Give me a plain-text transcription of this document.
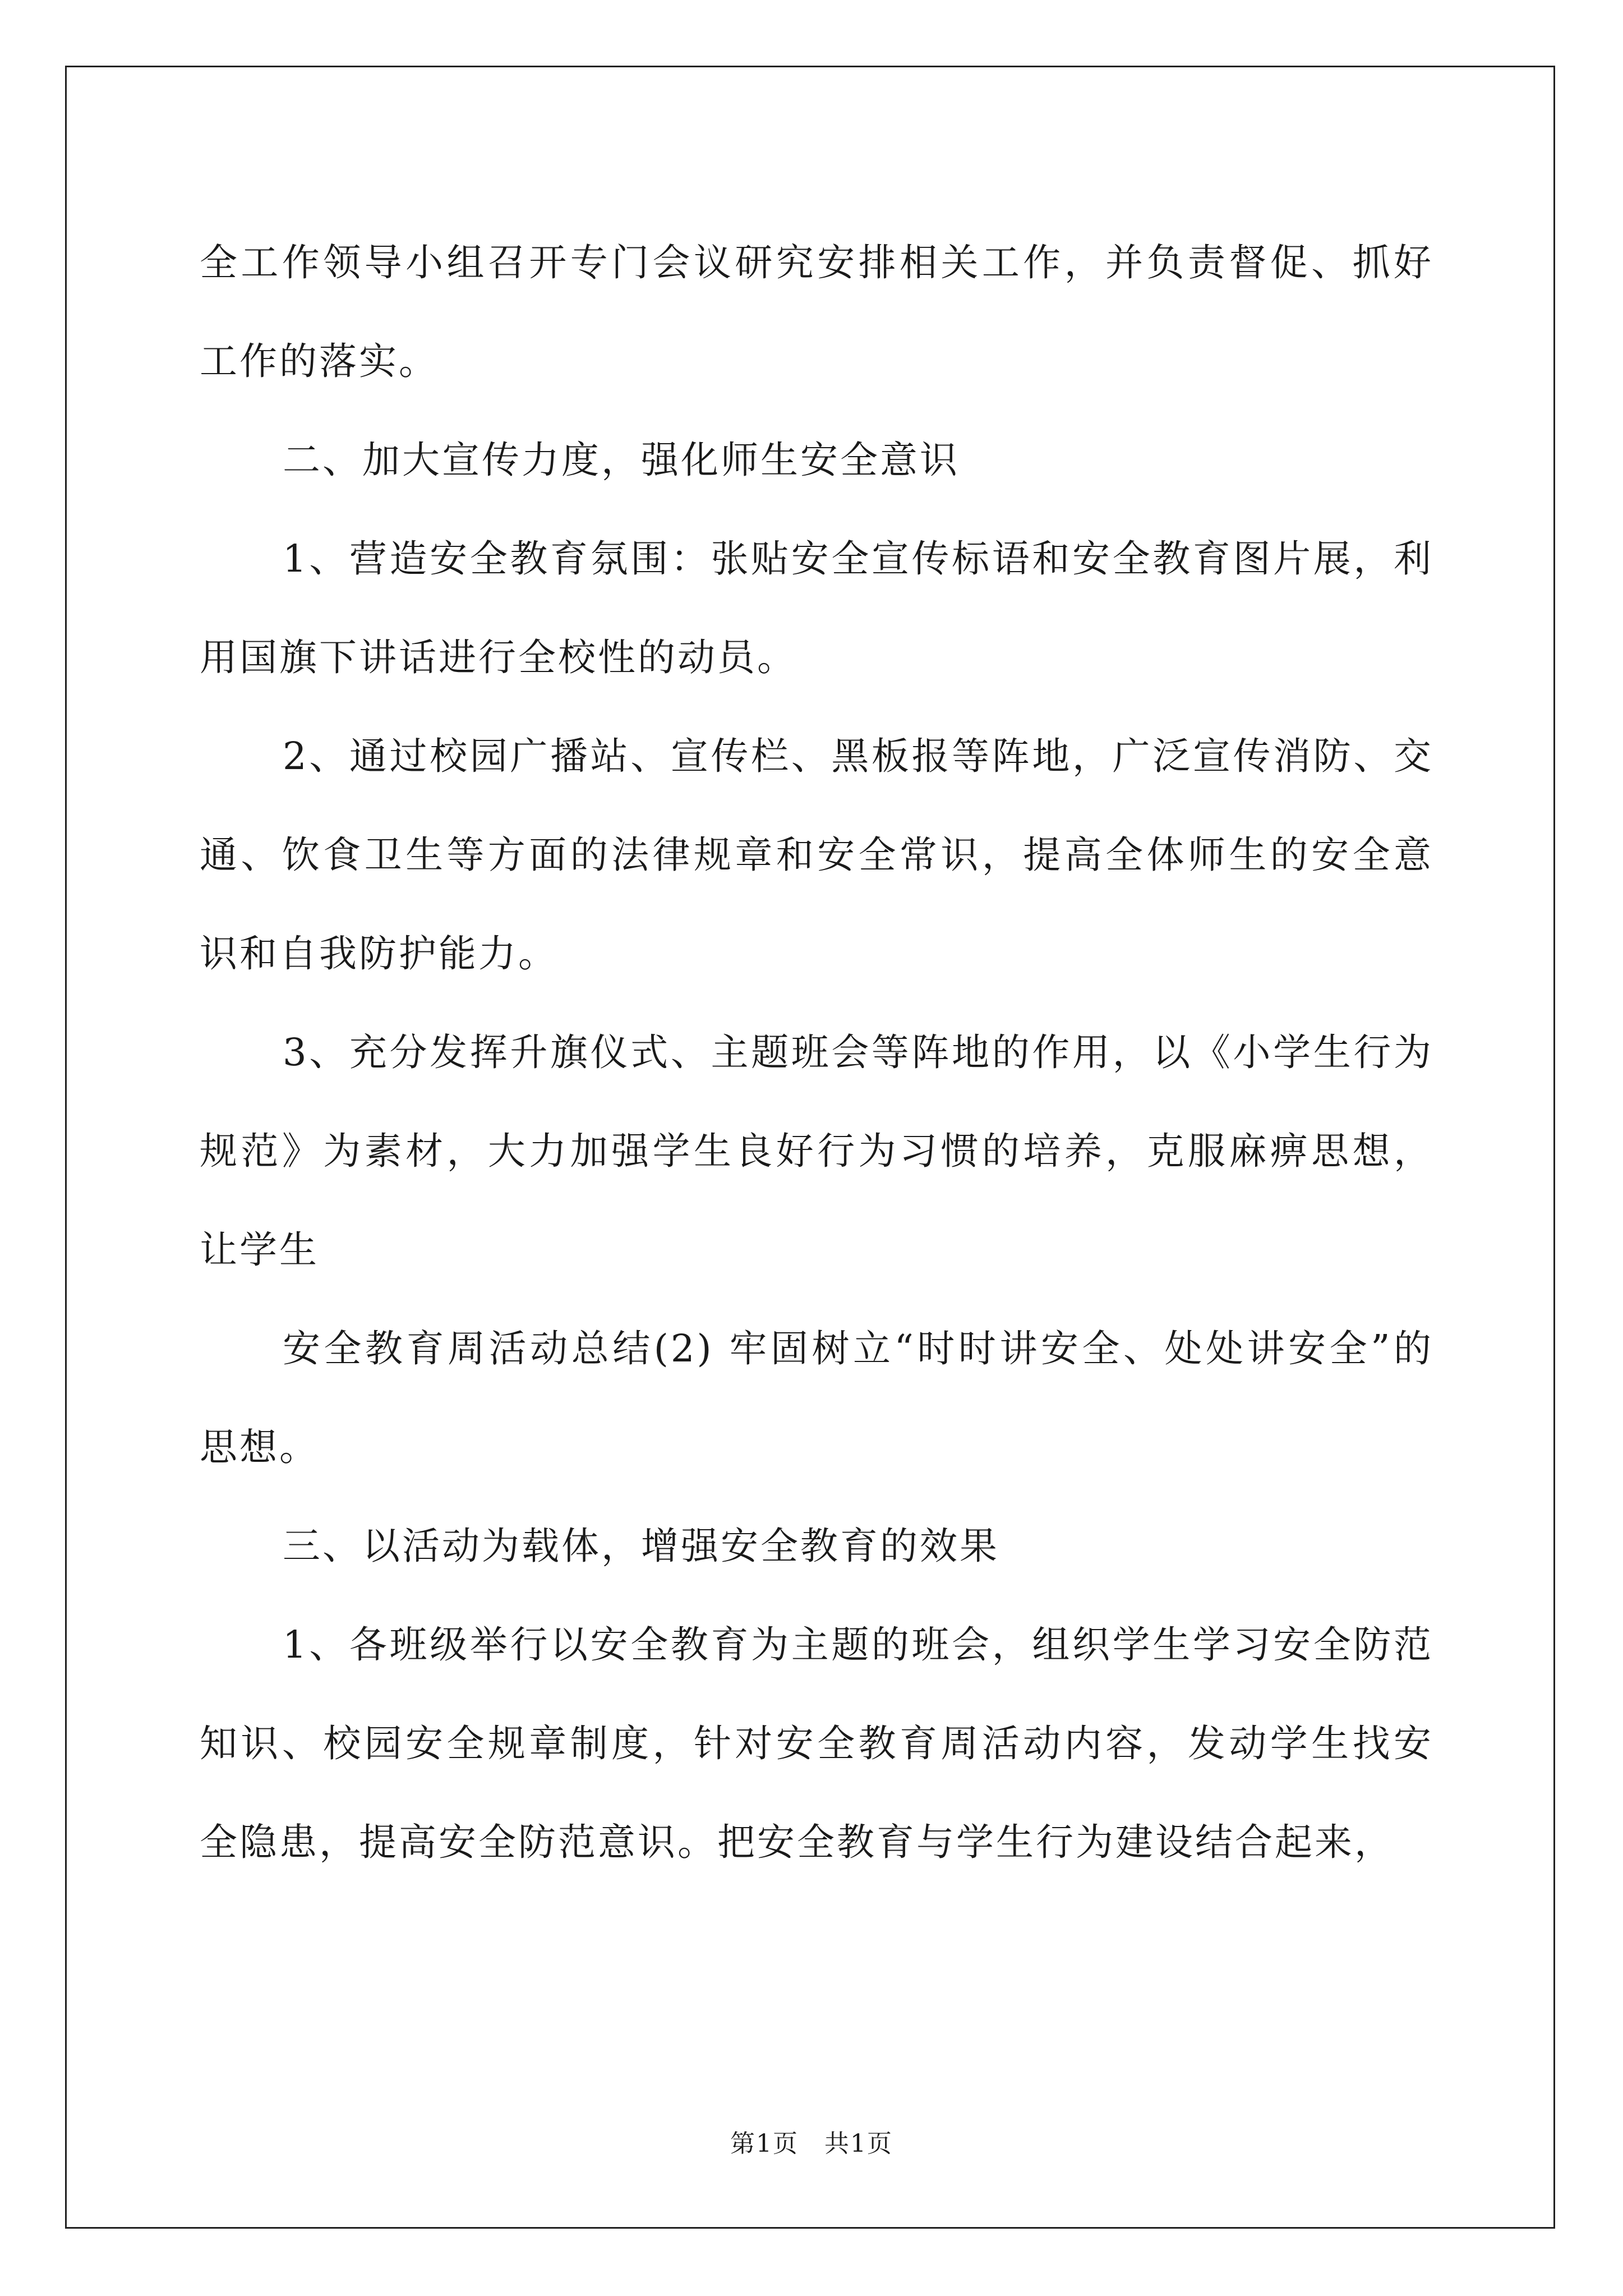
全工作领导小组召开专门会议研究安排相关工作，并负责督促、抓好工作的落实。

二、加大宣传力度，强化师生安全意识

1、营造安全教育氛围：张贴安全宣传标语和安全教育图片展，利用国旗下讲话进行全校性的动员。

2、通过校园广播站、宣传栏、黑板报等阵地，广泛宣传消防、交通、饮食卫生等方面的法律规章和安全常识，提高全体师生的安全意识和自我防护能力。

3、充分发挥升旗仪式、主题班会等阵地的作用，以《小学生行为规范》为素材，大力加强学生良好行为习惯的培养，克服麻痹思想，让学生

安全教育周活动总结(2) 牢固树立“时时讲安全、处处讲安全”的思想。

三、以活动为载体，增强安全教育的效果

1、各班级举行以安全教育为主题的班会，组织学生学习安全防范知识、校园安全规章制度，针对安全教育周活动内容，发动学生找安全隐患，提高安全防范意识。把安全教育与学生行为建设结合起来，

第1页　共1页
